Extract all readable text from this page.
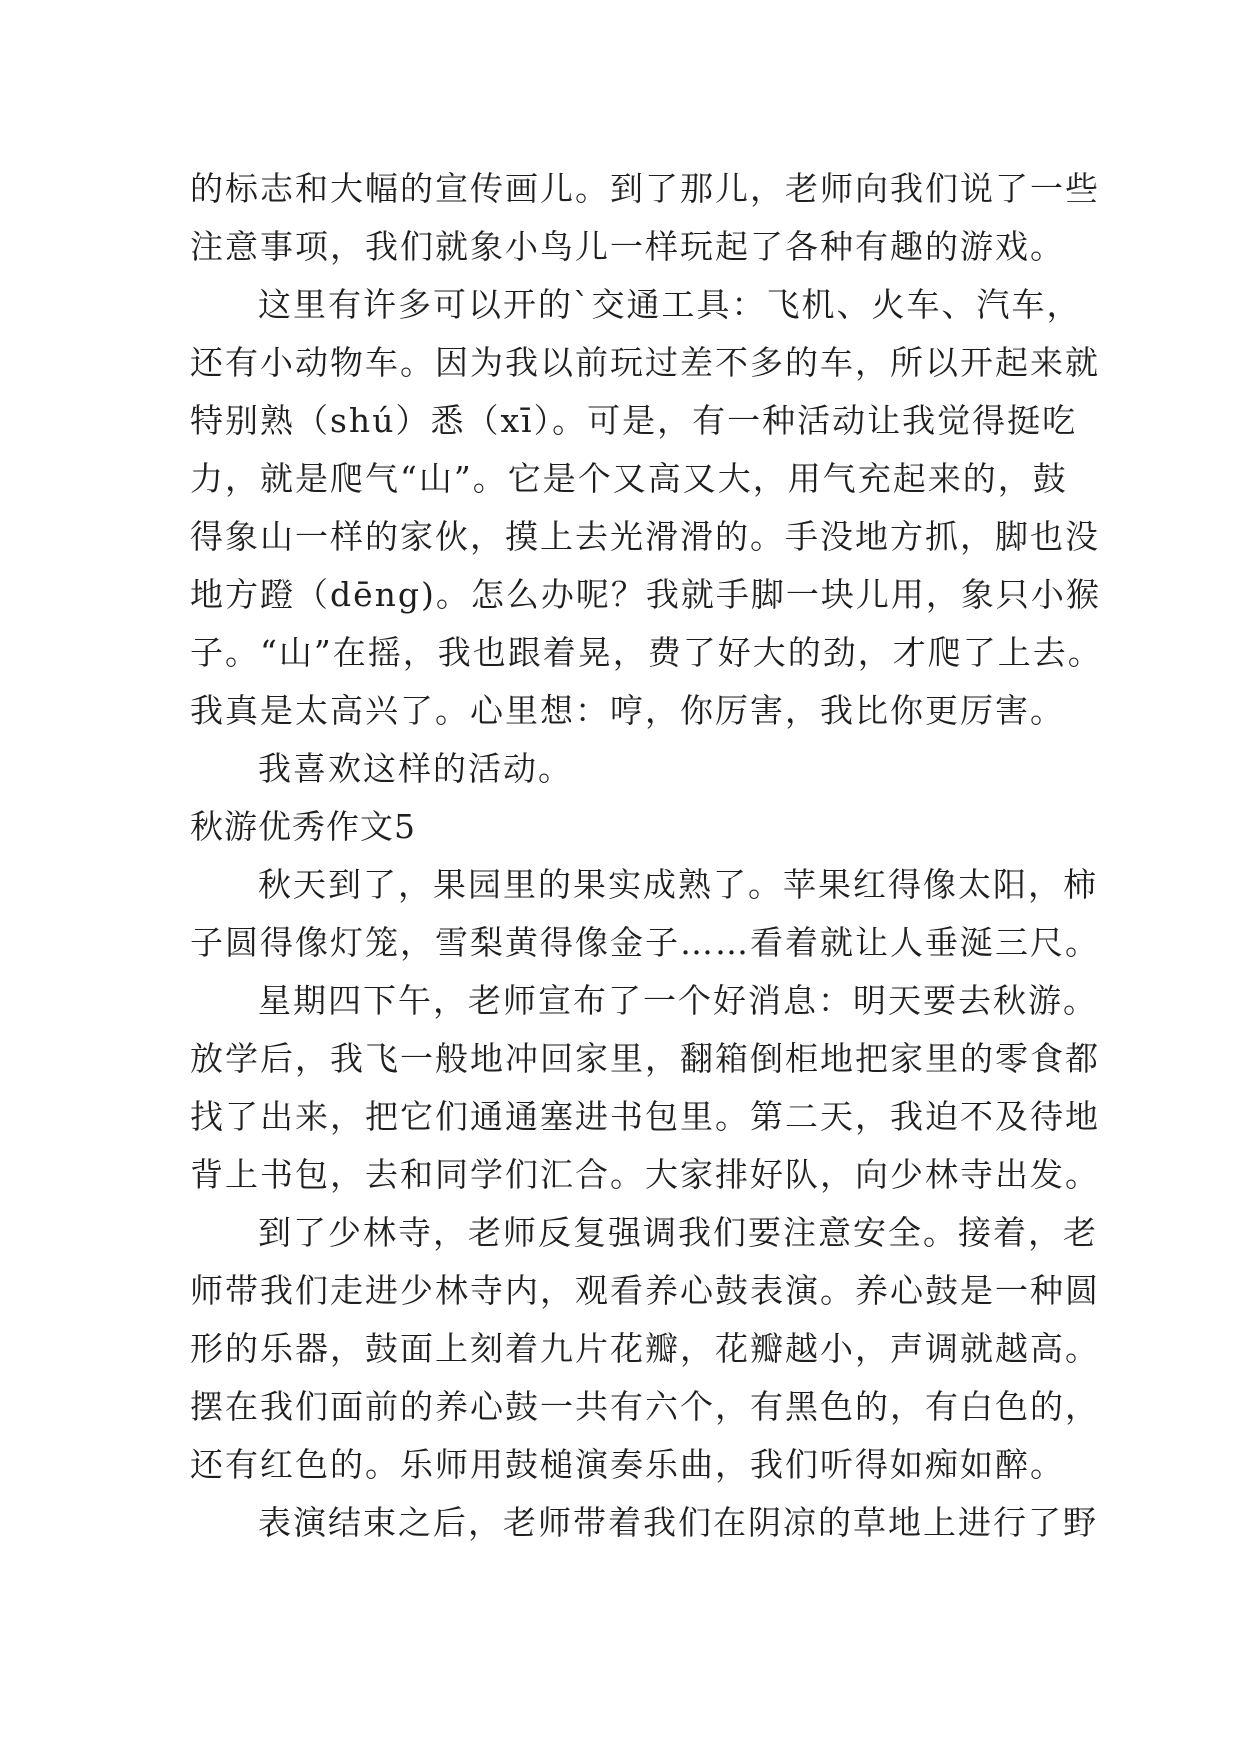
的标志和大幅的宣传画儿。到了那儿，老师向我们说了一些
注意事项，我们就象小鸟儿一样玩起了各种有趣的游戏。
这里有许多可以开的`交通工具：飞机、火车、汽车，
还有小动物车。因为我以前玩过差不多的车，所以开起来就
特别熟（shú）悉（xī）。可是，有一种活动让我觉得挺吃
力，就是爬气“山”。它是个又高又大，用气充起来的，鼓
得象山一样的家伙，摸上去光滑滑的。手没地方抓，脚也没
地方蹬（dēng)。怎么办呢？我就手脚一块儿用，象只小猴
子。“山”在摇，我也跟着晃，费了好大的劲，才爬了上去。
我真是太高兴了。心里想：哼，你厉害，我比你更厉害。
我喜欢这样的活动。
秋游优秀作文5
秋天到了，果园里的果实成熟了。苹果红得像太阳，柿
子圆得像灯笼，雪梨黄得像金子……看着就让人垂涎三尺。
星期四下午，老师宣布了一个好消息：明天要去秋游。
放学后，我飞一般地冲回家里，翻箱倒柜地把家里的零食都
找了出来，把它们通通塞进书包里。第二天，我迫不及待地
背上书包，去和同学们汇合。大家排好队，向少林寺出发。
到了少林寺，老师反复强调我们要注意安全。接着，老
师带我们走进少林寺内，观看养心鼓表演。养心鼓是一种圆
形的乐器，鼓面上刻着九片花瓣，花瓣越小，声调就越高。
摆在我们面前的养心鼓一共有六个，有黑色的，有白色的，
还有红色的。乐师用鼓槌演奏乐曲，我们听得如痴如醉。
表演结束之后，老师带着我们在阴凉的草地上进行了野
